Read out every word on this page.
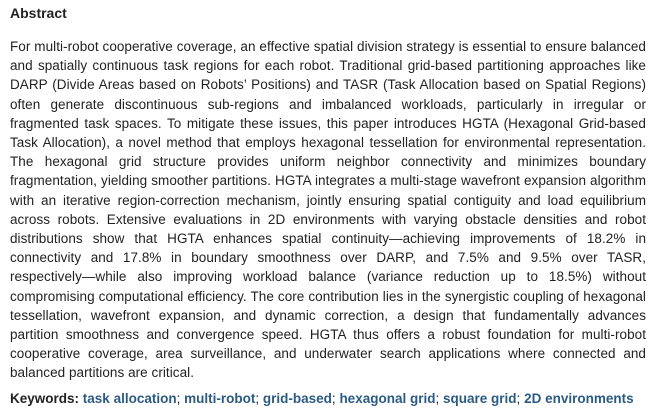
Abstract

For multi-robot cooperative coverage, an effective spatial division strategy is essential to ensure balanced and spatially continuous task regions for each robot. Traditional grid-based partitioning approaches like DARP (Divide Areas based on Robots’ Positions) and TASR (Task Allocation based on Spatial Regions) often generate discontinuous sub-regions and imbalanced workloads, particularly in irregular or fragmented task spaces. To mitigate these issues, this paper introduces HGTA (Hexagonal Grid-based Task Allocation), a novel method that employs hexagonal tessellation for environmental representation. The hexagonal grid structure provides uniform neighbor connectivity and minimizes boundary fragmentation, yielding smoother partitions. HGTA integrates a multi-stage wavefront expansion algorithm with an iterative region-correction mechanism, jointly ensuring spatial contiguity and load equilibrium across robots. Extensive evaluations in 2D environments with varying obstacle densities and robot distributions show that HGTA enhances spatial continuity—achieving improvements of 18.2% in connectivity and 17.8% in boundary smoothness over DARP, and 7.5% and 9.5% over TASR, respectively—while also improving workload balance (variance reduction up to 18.5%) without compromising computational efficiency. The core contribution lies in the synergistic coupling of hexagonal tessellation, wavefront expansion, and dynamic correction, a design that fundamentally advances partition smoothness and convergence speed. HGTA thus offers a robust foundation for multi-robot cooperative coverage, area surveillance, and underwater search applications where connected and balanced partitions are critical.

Keywords: task allocation; multi-robot; grid-based; hexagonal grid; square grid; 2D environments
